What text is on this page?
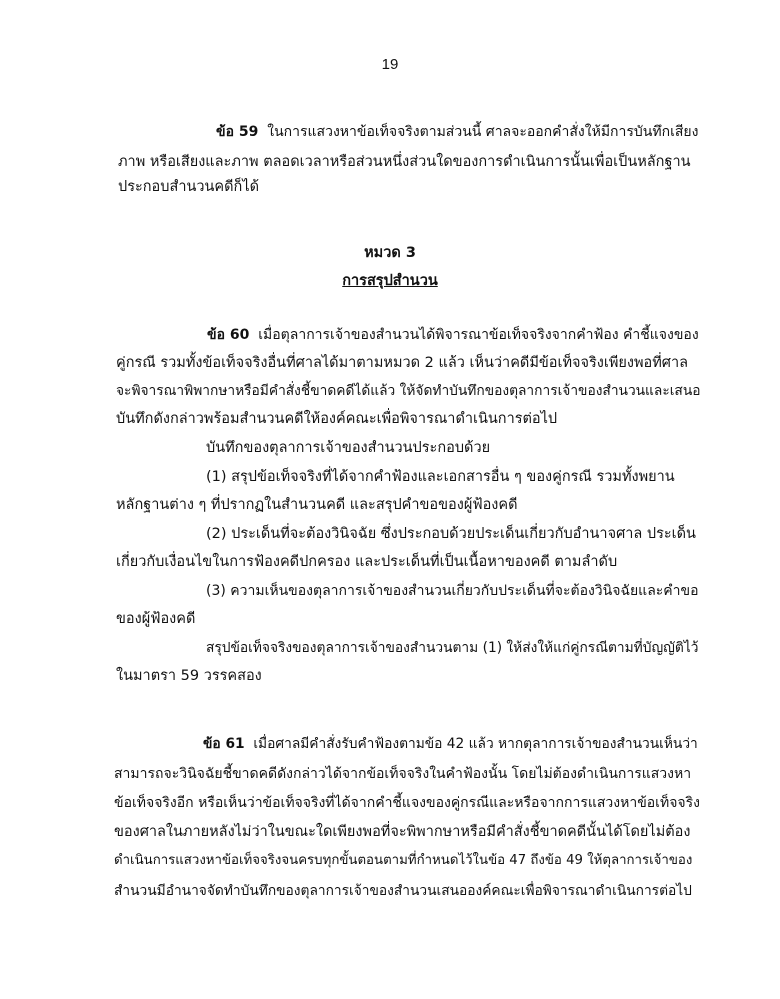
19
ข้อ 59 ในการแสวงหาข้อเท็จจริงตามส่วนนี้ ศาลจะออกคำสั่งให้มีการบันทึกเสียง
ภาพ หรือเสียงและภาพ ตลอดเวลาหรือส่วนหนึ่งส่วนใดของการดำเนินการนั้นเพื่อเป็นหลักฐาน
ประกอบสำนวนคดีก็ได้
หมวด 3
การสรุปสำนวน
ข้อ 60 เมื่อตุลาการเจ้าของสำนวนได้พิจารณาข้อเท็จจริงจากคำฟ้อง คำชี้แจงของ
คู่กรณี รวมทั้งข้อเท็จจริงอื่นที่ศาลได้มาตามหมวด 2 แล้ว เห็นว่าคดีมีข้อเท็จจริงเพียงพอที่ศาล
จะพิจารณาพิพากษาหรือมีคำสั่งชี้ขาดคดีได้แล้ว ให้จัดทำบันทึกของตุลาการเจ้าของสำนวนและเสนอ
บันทึกดังกล่าวพร้อมสำนวนคดีให้องค์คณะเพื่อพิจารณาดำเนินการต่อไป
บันทึกของตุลาการเจ้าของสำนวนประกอบด้วย
(1) สรุปข้อเท็จจริงที่ได้จากคำฟ้องและเอกสารอื่น ๆ ของคู่กรณี รวมทั้งพยาน
หลักฐานต่าง ๆ ที่ปรากฏในสำนวนคดี และสรุปคำขอของผู้ฟ้องคดี
(2) ประเด็นที่จะต้องวินิจฉัย ซึ่งประกอบด้วยประเด็นเกี่ยวกับอำนาจศาล ประเด็น
เกี่ยวกับเงื่อนไขในการฟ้องคดีปกครอง และประเด็นที่เป็นเนื้อหาของคดี ตามลำดับ
(3) ความเห็นของตุลาการเจ้าของสำนวนเกี่ยวกับประเด็นที่จะต้องวินิจฉัยและคำขอ
ของผู้ฟ้องคดี
สรุปข้อเท็จจริงของตุลาการเจ้าของสำนวนตาม (1) ให้ส่งให้แก่คู่กรณีตามที่บัญญัติไว้
ในมาตรา 59 วรรคสอง
ข้อ 61 เมื่อศาลมีคำสั่งรับคำฟ้องตามข้อ 42 แล้ว หากตุลาการเจ้าของสำนวนเห็นว่า
สามารถจะวินิจฉัยชี้ขาดคดีดังกล่าวได้จากข้อเท็จจริงในคำฟ้องนั้น โดยไม่ต้องดำเนินการแสวงหา
ข้อเท็จจริงอีก หรือเห็นว่าข้อเท็จจริงที่ได้จากคำชี้แจงของคู่กรณีและหรือจากการแสวงหาข้อเท็จจริง
ของศาลในภายหลังไม่ว่าในขณะใดเพียงพอที่จะพิพากษาหรือมีคำสั่งชี้ขาดคดีนั้นได้โดยไม่ต้อง
ดำเนินการแสวงหาข้อเท็จจริงจนครบทุกขั้นตอนตามที่กำหนดไว้ในข้อ 47 ถึงข้อ 49 ให้ตุลาการเจ้าของ
สำนวนมีอำนาจจัดทำบันทึกของตุลาการเจ้าของสำนวนเสนอองค์คณะเพื่อพิจารณาดำเนินการต่อไป
